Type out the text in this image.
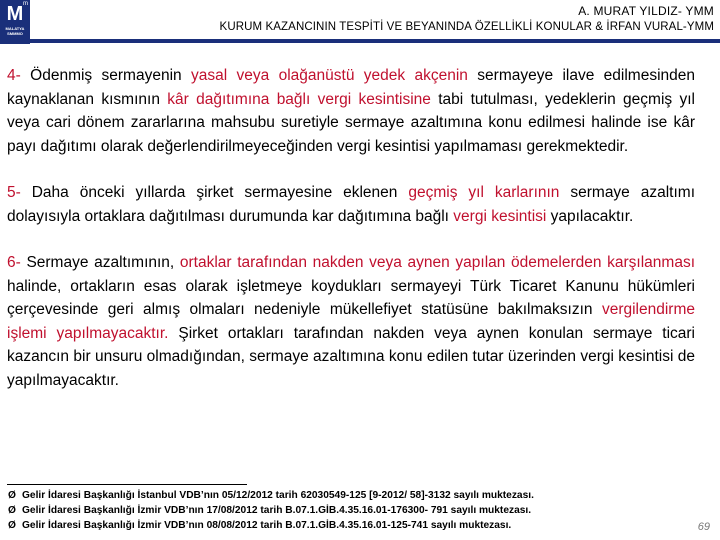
M m
MALATYA
SMMMO
A. MURAT YILDIZ- YMM
KURUM KAZANCININ TESPİTİ VE BEYANINDA ÖZELLİKLİ KONULAR & İRFAN VURAL-YMM

4- Ödenmiş sermayenin yasal veya olağanüstü yedek akçenin sermayeye ilave edilmesinden kaynaklanan kısmının kâr dağıtımına bağlı vergi kesintisine tabi tutulması, yedeklerin geçmiş yıl veya cari dönem zararlarına mahsubu suretiyle sermaye azaltımına konu edilmesi halinde ise kâr payı dağıtımı olarak değerlendirilmeyeceğinden vergi kesintisi yapılmaması gerekmektedir.

5- Daha önceki yıllarda şirket sermayesine eklenen geçmiş yıl karlarının sermaye azaltımı dolayısıyla ortaklara dağıtılması durumunda kar dağıtımına bağlı vergi kesintisi yapılacaktır.

6- Sermaye azaltımının, ortaklar tarafından nakden veya aynen yapılan ödemelerden karşılanması halinde, ortakların esas olarak işletmeye koydukları sermayeyi Türk Ticaret Kanunu hükümleri çerçevesinde geri almış olmaları nedeniyle mükellefiyet statüsüne bakılmaksızın vergilendirme işlemi yapılmayacaktır. Şirket ortakları tarafından nakden veya aynen konulan sermaye ticari kazancın bir unsuru olmadığından, sermaye azaltımına konu edilen tutar üzerinden vergi kesintisi de yapılmayacaktır.

Ø Gelir İdaresi Başkanlığı İstanbul VDB’nın 05/12/2012 tarih 62030549-125 [9-2012/ 58]-3132 sayılı muktezası.
Ø Gelir İdaresi Başkanlığı İzmir VDB’nın 17/08/2012 tarih B.07.1.GİB.4.35.16.01-176300- 791 sayılı muktezası.
Ø Gelir İdaresi Başkanlığı İzmir VDB’nın 08/08/2012 tarih B.07.1.GİB.4.35.16.01-125-741 sayılı muktezası.	69
